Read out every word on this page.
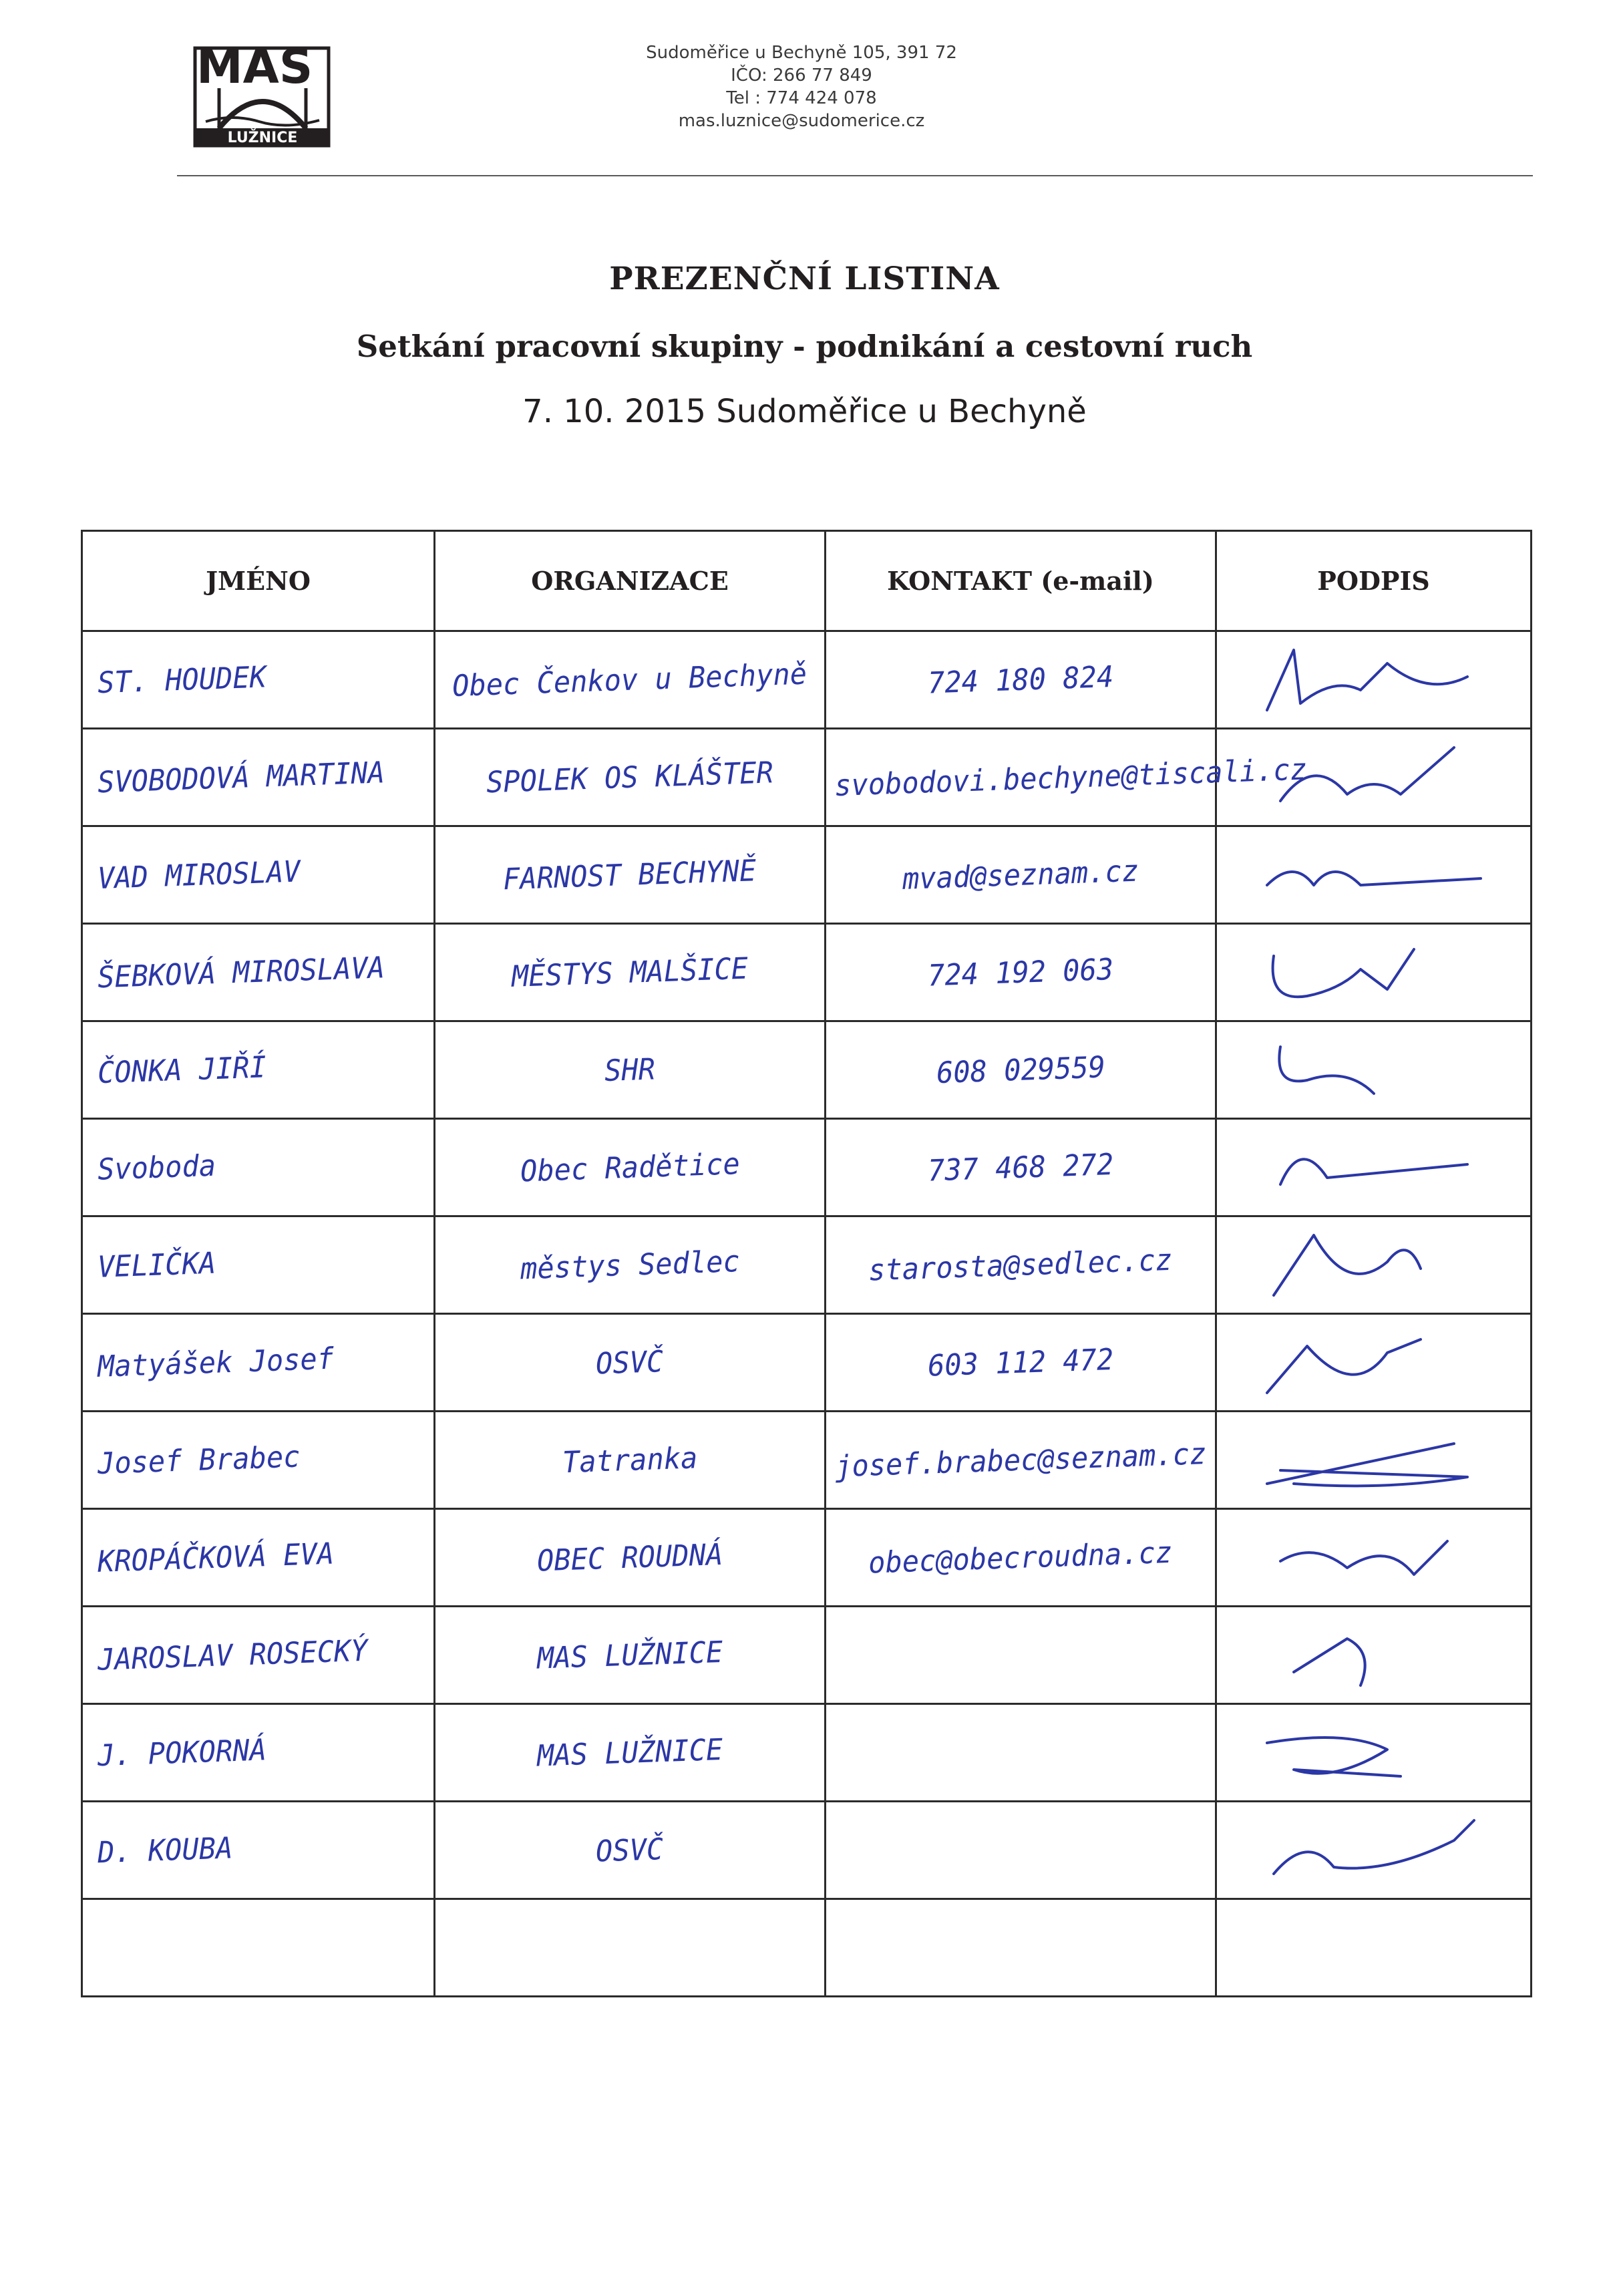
MAS
LUŽNICE
Sudoměřice u Bechyně 105, 391 72
IČO: 266 77 849
Tel : 774 424 078
mas.luznice@sudomerice.cz
PREZENČNÍ LISTINA
Setkání pracovní skupiny - podnikání a cestovní ruch
7. 10. 2015 Sudoměřice u Bechyně
JMÉNO	ORGANIZACE	KONTAKT (e-mail)	PODPIS
ST. HOUDEK	Obec Čenkov u Bechyně	724 180 824	

SVOBODOVÁ MARTINA	SPOLEK OS KLÁŠTER	svobodovi.bechyne@tiscali.cz	

VAD MIROSLAV	FARNOST BECHYNĚ	mvad@seznam.cz	

ŠEBKOVÁ MIROSLAVA	MĚSTYS MALŠICE	724 192 063	

ČONKA JIŘÍ	SHR	608 029559	

Svoboda	Obec Radětice	737 468 272	

VELIČKA	městys Sedlec	starosta@sedlec.cz	

Matyášek Josef	OSVČ	603 112 472	

Josef Brabec	Tatranka	josef.brabec@seznam.cz	

KROPÁČKOVÁ EVA	OBEC ROUDNÁ	obec@obecroudna.cz	

JAROSLAV ROSECKÝ	MAS LUŽNICE		

J. POKORNÁ	MAS LUŽNICE		

D. KOUBA	OSVČ		
